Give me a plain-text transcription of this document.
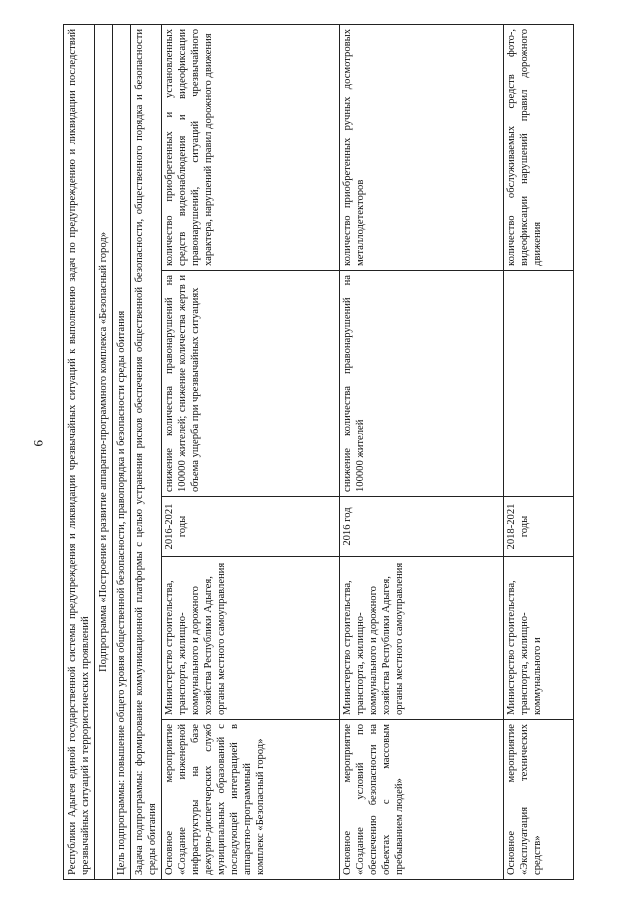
9 Республики Адыгея единой государственной системы предупреждения и ликвидации чрезвычайных ситуаций к выполнению задач по предупреждению и ликвидации последствий чрезвычайных ситуаций и террористических проявлений				
Подпрограмма «Построение и развитие аппаратно-программного комплекса «Безопасный город»				
Цель подпрограммы: повышение общего уровня общественной безопасности, правопорядка и безопасности среды обитания				
Задача подпрограммы: формирование коммуникационной платформы с целью устранения рисков обеспечения общественной безопасности, общественного порядка и безопасности среды обитания				
Основное мероприятие «Создание инженерной инфраструктуры на базе дежурно-диспетчерских служб муниципальных образований с последующей интеграцией в аппаратно-программный комплекс «Безопасный город»	Министерство строительства, транспорта, жилищно-коммунального и дорожного хозяйства Республики Адыгея, органы местного самоуправления	2016-2021 годы	снижение количества правонарушений на 100000 жителей; снижение количества жертв и объема ущерба при чрезвычайных ситуациях	количество приобретенных и установленных средств видеонаблюдения и видеофиксации правонарушений, ситуаций чрезвычайного характера, нарушений правил дорожного движения
Основное мероприятие «Создание условий по обеспечению безопасности на объектах с массовым пребыванием людей»	Министерство строительства, транспорта, жилищно-коммунального и дорожного хозяйства Республики Адыгея, органы местного самоуправления	2016 год	снижение количества правонарушений на 100000 жителей	количество приобретенных ручных досмотровых металлодетекторов
Основное мероприятие «Эксплуатация технических средств»	Министерство строительства, транспорта, жилищно-коммунального и	2018-2021 годы		количество обслуживаемых средств фото-, видеофиксации нарушений правил дорожного движения
